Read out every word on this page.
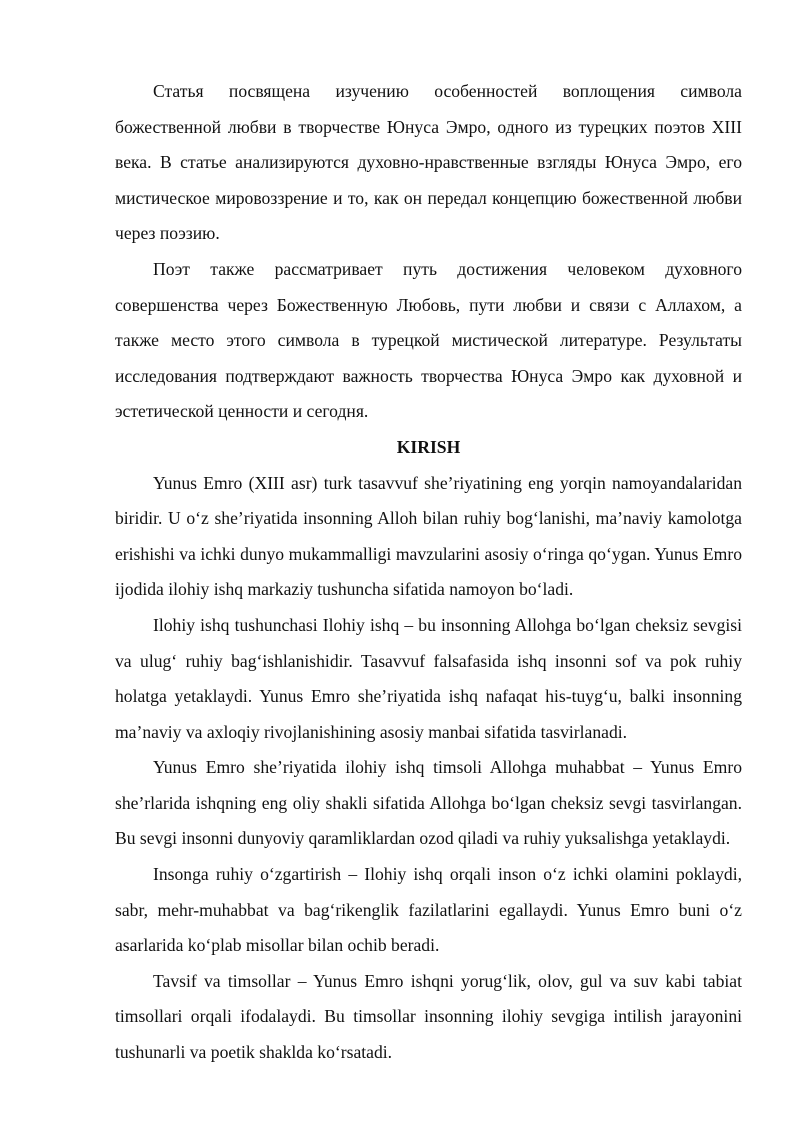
Статья посвящена изучению особенностей воплощения символа божественной любви в творчестве Юнуса Эмро, одного из турецких поэтов XIII века. В статье анализируются духовно-нравственные взгляды Юнуса Эмро, его мистическое мировоззрение и то, как он передал концепцию божественной любви через поэзию.

Поэт также рассматривает путь достижения человеком духовного совершенства через Божественную Любовь, пути любви и связи с Аллахом, а также место этого символа в турецкой мистической литературе. Результаты исследования подтверждают важность творчества Юнуса Эмро как духовной и эстетической ценности и сегодня.

KIRISH

Yunus Emro (XIII asr) turk tasavvuf she’riyatining eng yorqin namoyandalaridan biridir. U o‘z she’riyatida insonning Alloh bilan ruhiy bog‘lanishi, ma’naviy kamolotga erishishi va ichki dunyo mukammalligi mavzularini asosiy o‘ringa qo‘ygan. Yunus Emro ijodida ilohiy ishq markaziy tushuncha sifatida namoyon bo‘ladi.

Ilohiy ishq tushunchasi Ilohiy ishq – bu insonning Allohga bo‘lgan cheksiz sevgisi va ulug‘ ruhiy bag‘ishlanishidir. Tasavvuf falsafasida ishq insonni sof va pok ruhiy holatga yetaklaydi. Yunus Emro she’riyatida ishq nafaqat his-tuyg‘u, balki insonning ma’naviy va axloqiy rivojlanishining asosiy manbai sifatida tasvirlanadi.

Yunus Emro she’riyatida ilohiy ishq timsoli Allohga muhabbat – Yunus Emro she’rlarida ishqning eng oliy shakli sifatida Allohga bo‘lgan cheksiz sevgi tasvirlangan. Bu sevgi insonni dunyoviy qaramliklardan ozod qiladi va ruhiy yuksalishga yetaklaydi.

Insonga ruhiy o‘zgartirish – Ilohiy ishq orqali inson o‘z ichki olamini poklaydi, sabr, mehr-muhabbat va bag‘rikenglik fazilatlarini egallaydi. Yunus Emro buni o‘z asarlarida ko‘plab misollar bilan ochib beradi.

Tavsif va timsollar – Yunus Emro ishqni yorug‘lik, olov, gul va suv kabi tabiat timsollari orqali ifodalaydi. Bu timsollar insonning ilohiy sevgiga intilish jarayonini tushunarli va poetik shaklda ko‘rsatadi.
